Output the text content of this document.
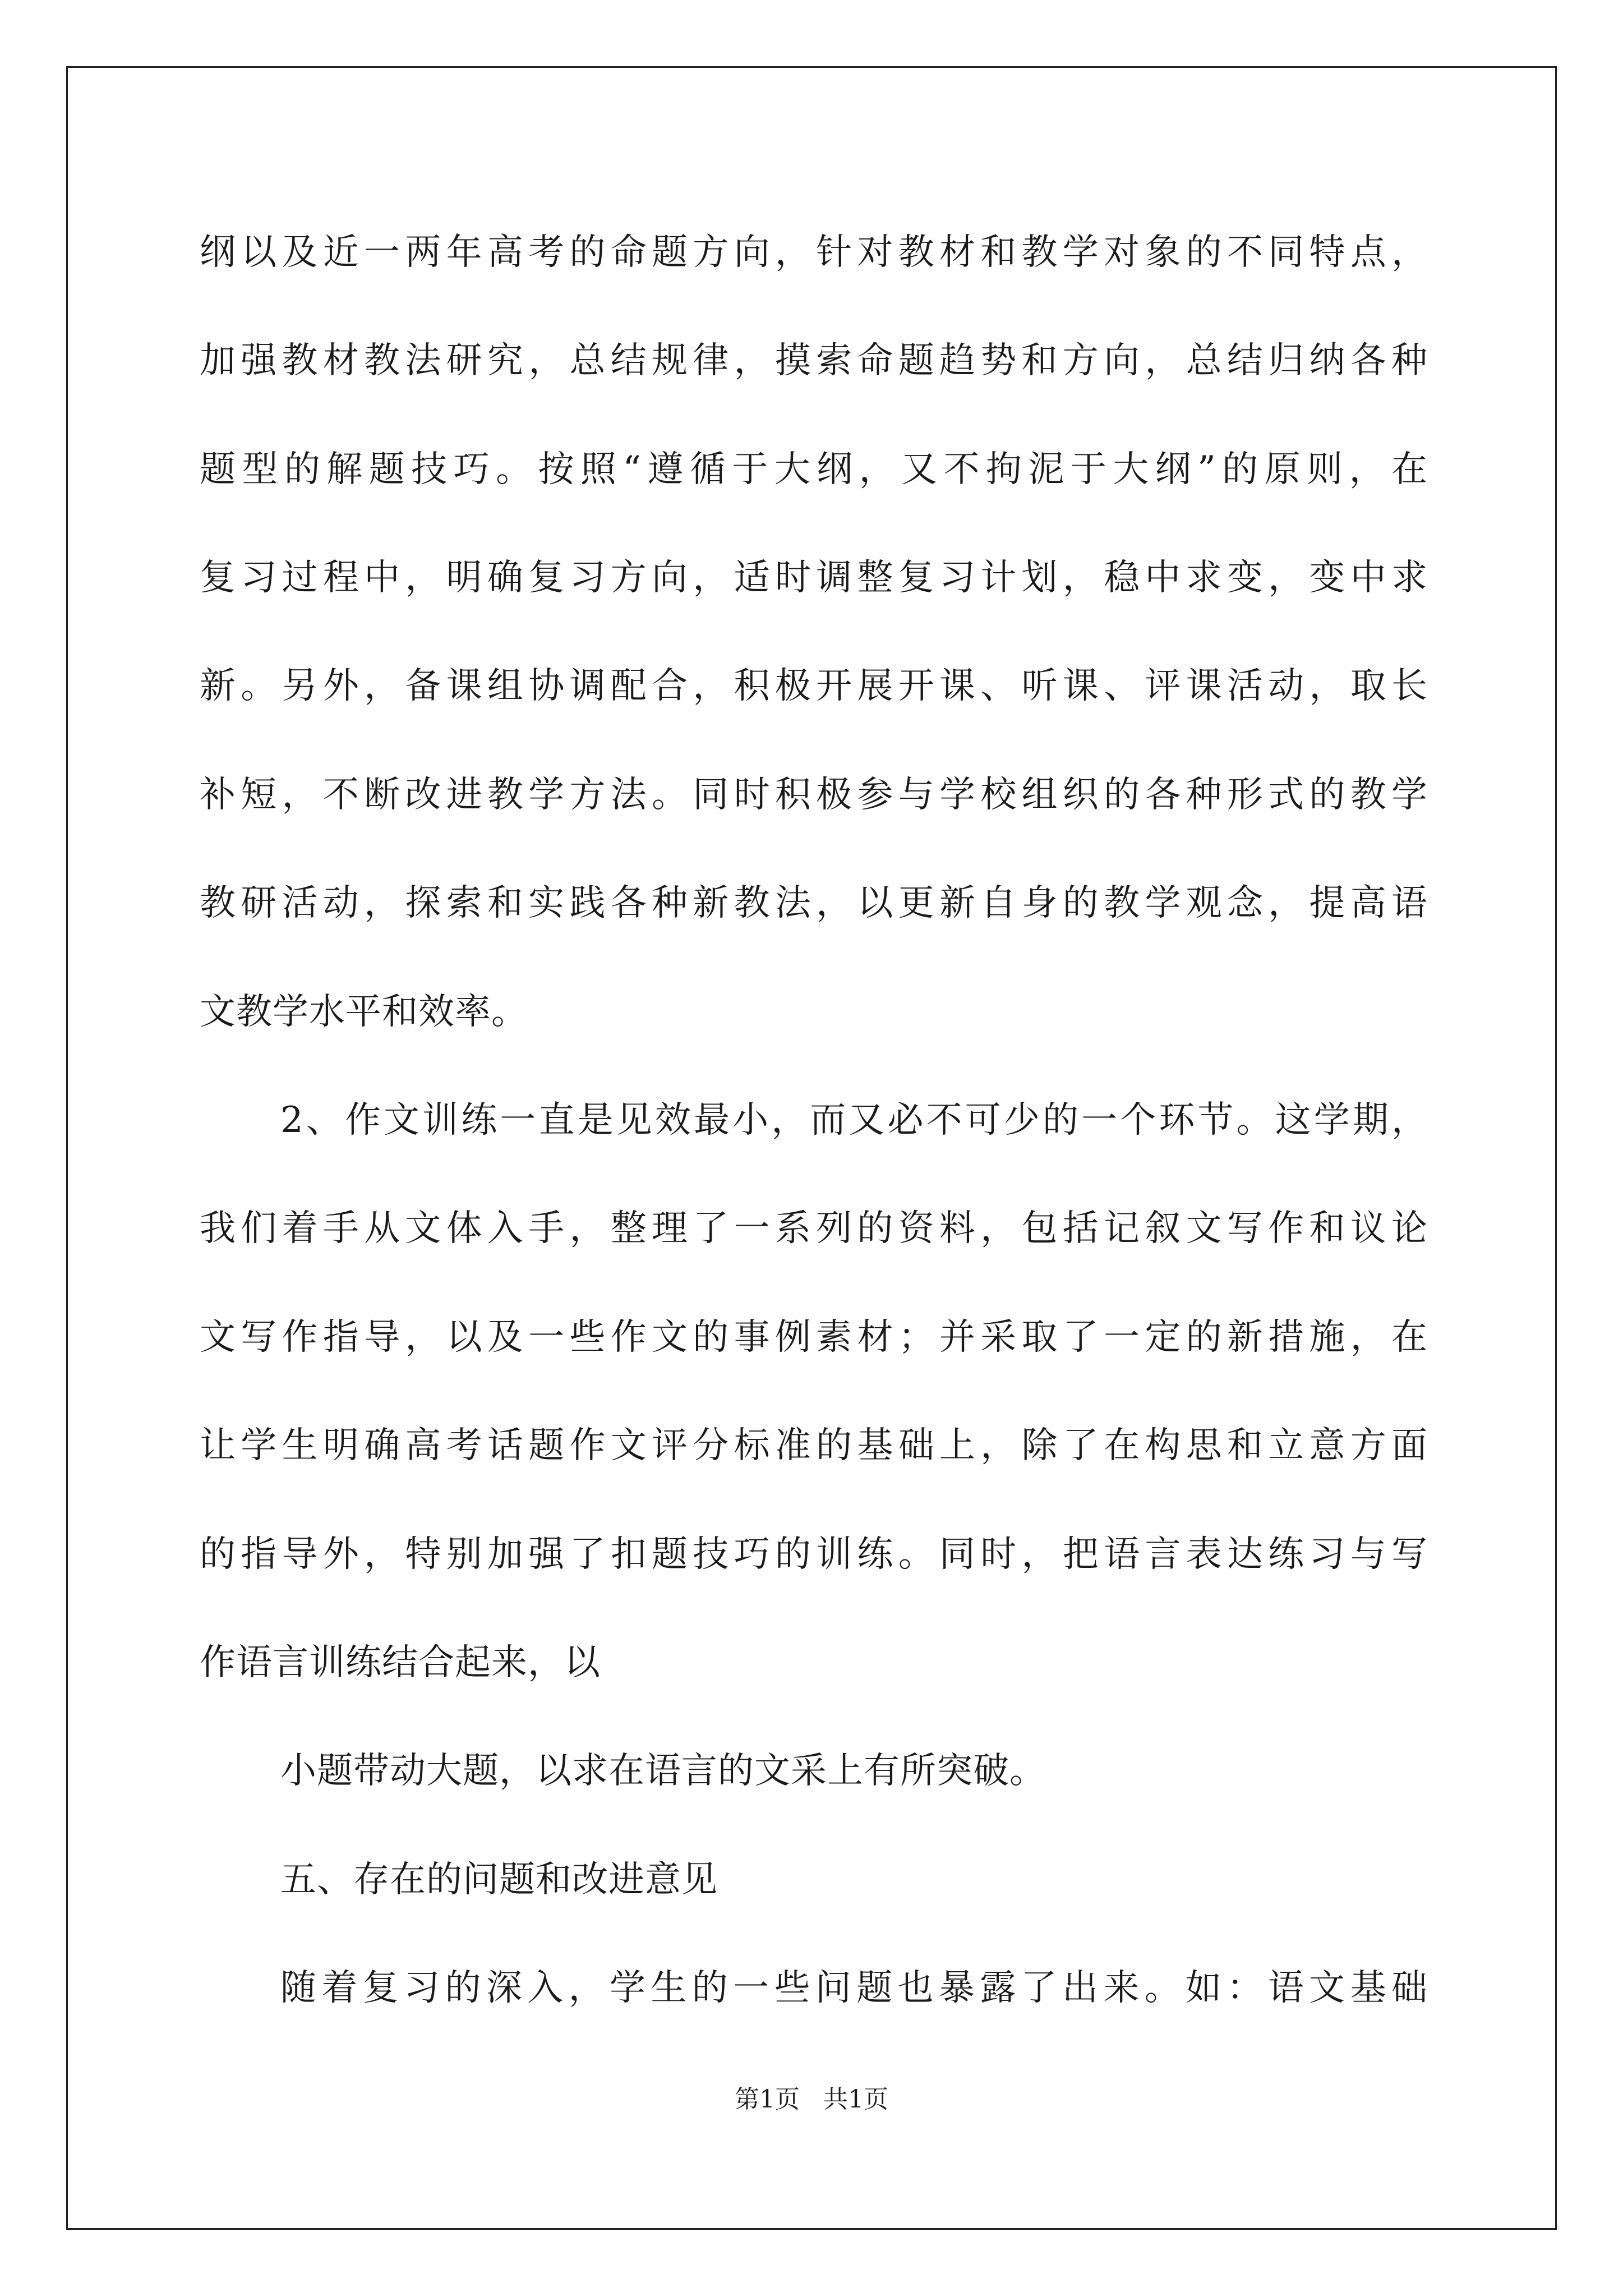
纲以及近一两年高考的命题方向，针对教材和教学对象的不同特点，
加强教材教法研究，总结规律，摸索命题趋势和方向，总结归纳各种
题型的解题技巧。按照“遵循于大纲，又不拘泥于大纲”的原则，在
复习过程中，明确复习方向，适时调整复习计划，稳中求变，变中求
新。另外，备课组协调配合，积极开展开课、听课、评课活动，取长
补短，不断改进教学方法。同时积极参与学校组织的各种形式的教学
教研活动，探索和实践各种新教法，以更新自身的教学观念，提高语
文教学水平和效率。
2、作文训练一直是见效最小，而又必不可少的一个环节。这学期，
我们着手从文体入手，整理了一系列的资料，包括记叙文写作和议论
文写作指导，以及一些作文的事例素材；并采取了一定的新措施，在
让学生明确高考话题作文评分标准的基础上，除了在构思和立意方面
的指导外，特别加强了扣题技巧的训练。同时，把语言表达练习与写
作语言训练结合起来，以
小题带动大题，以求在语言的文采上有所突破。
五、存在的问题和改进意见
随着复习的深入，学生的一些问题也暴露了出来。如：语文基础
第1页 共1页
